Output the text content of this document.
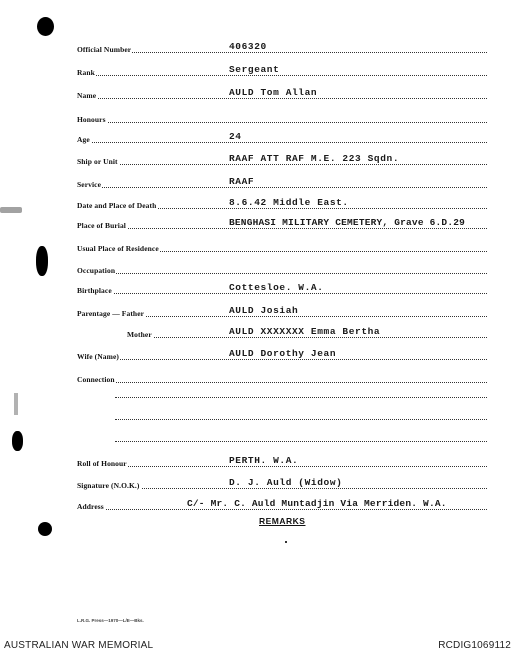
Official Number	406320
Rank	Sergeant
Name	AULD Tom Allan
Honours
Age	24
Ship or Unit	RAAF ATT RAF M.E. 223 Sqdn.
Service	RAAF
Date and Place of Death	8.6.42 Middle East.
Place of Burial	BENGHASI MILITARY CEMETERY, Grave 6.D.29
Usual Place of Residence
Occupation
Birthplace	Cottesloe. W.A.
Parentage — Father	AULD Josiah
Mother	AULD XXXXXXX Emma Bertha
Wife (Name)	AULD Dorothy Jean
Connection
Roll of Honour	PERTH. W.A.
Signature (N.O.K.)	D. J. Auld (Widow)
Address	C/- Mr. C. Auld Muntadjin Via Merriden. W.A.
REMARKS
L.R.G. Press—1970—L/E—Bks.
AUSTRALIAN WAR MEMORIAL	RCDIG1069112
